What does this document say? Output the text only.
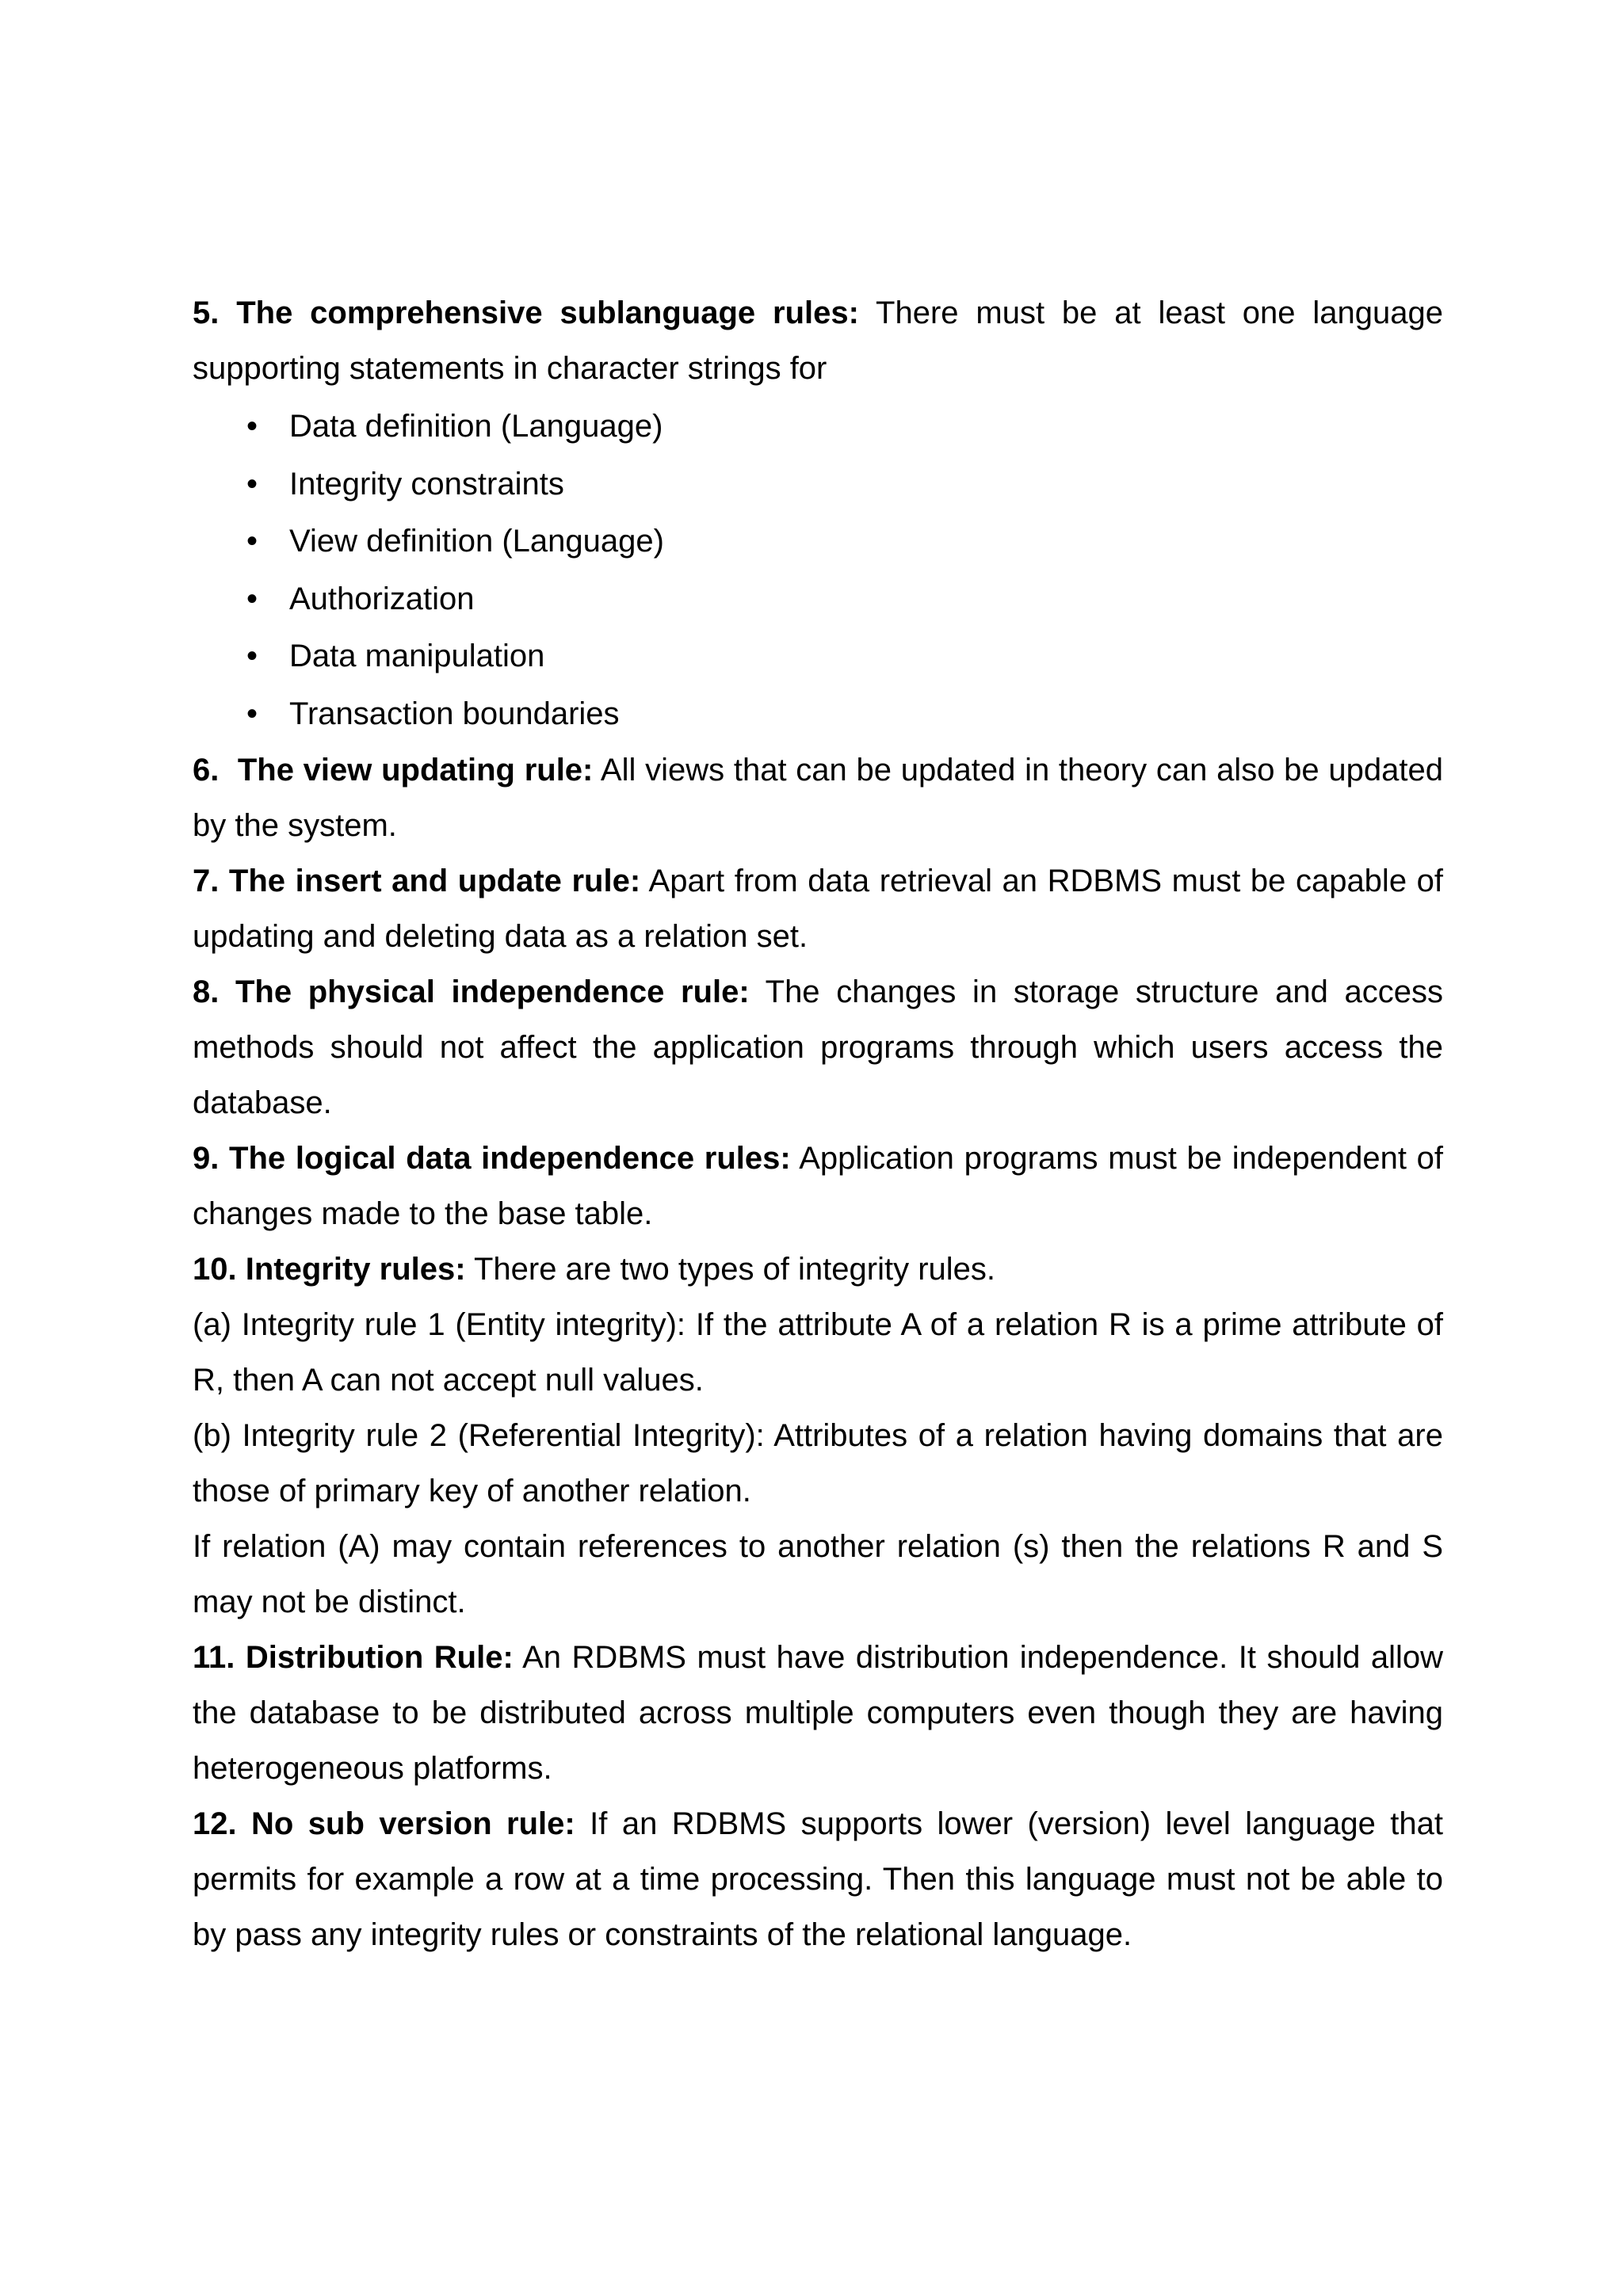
5. The comprehensive sublanguage rules: There must be at least one language supporting statements in character strings for

• Data definition (Language)
• Integrity constraints
• View definition (Language)
• Authorization
• Data manipulation
• Transaction boundaries

6.  The view updating rule: All views that can be updated in theory can also be updated by the system.

7. The insert and update rule: Apart from data retrieval an RDBMS must be capable of updating and deleting data as a relation set.

8. The physical independence rule: The changes in storage structure and access methods should not affect the application programs through which users access the database.

9. The logical data independence rules: Application programs must be independent of changes made to the base table.

10. Integrity rules: There are two types of integrity rules.

(a) Integrity rule 1 (Entity integrity): If the attribute A of a relation R is a prime attribute of R, then A can not accept null values.

(b) Integrity rule 2 (Referential Integrity): Attributes of a relation having domains that are those of primary key of another relation.

If relation (A) may contain references to another relation (s) then the relations R and S may not be distinct.

11. Distribution Rule: An RDBMS must have distribution independence. It should allow the database to be distributed across multiple computers even though they are having heterogeneous platforms.

12. No sub version rule: If an RDBMS supports lower (version) level language that permits for example a row at a time processing. Then this language must not be able to by pass any integrity rules or constraints of the relational language.
